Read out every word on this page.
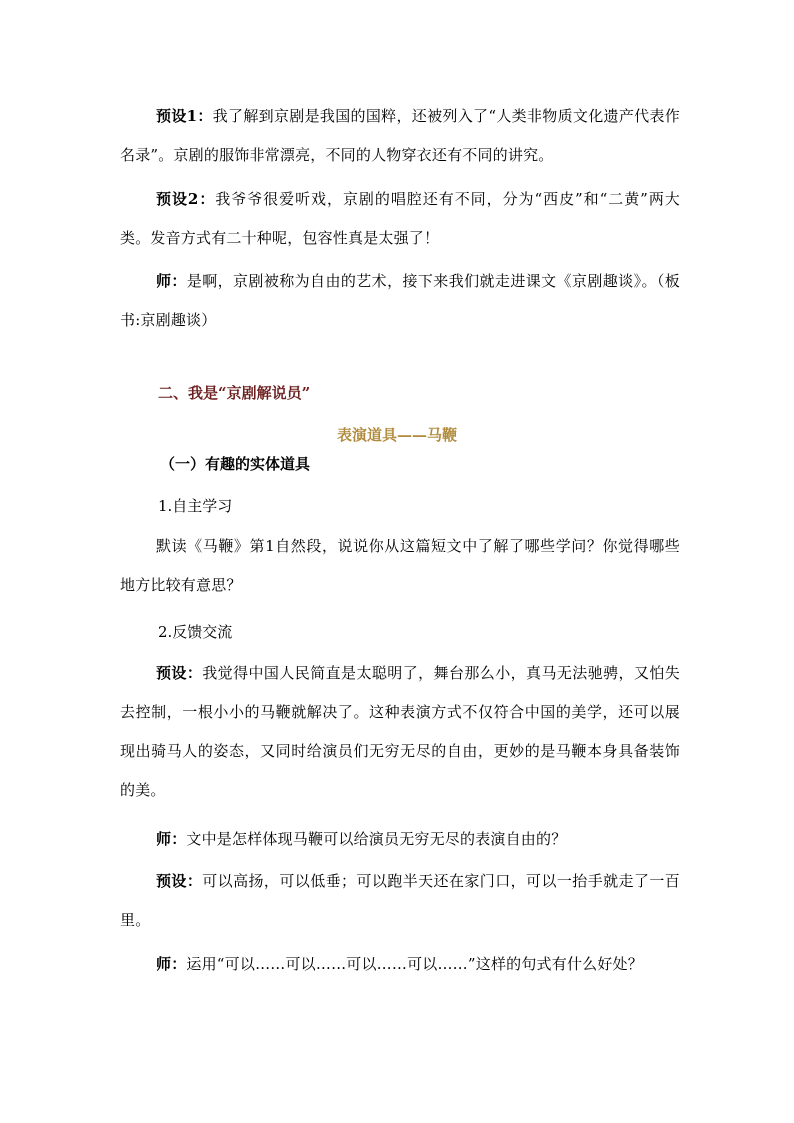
预设1：我了解到京剧是我国的国粹，还被列入了“人类非物质文化遗产代表作名录”。京剧的服饰非常漂亮，不同的人物穿衣还有不同的讲究。

预设2：我爷爷很爱听戏，京剧的唱腔还有不同，分为“西皮”和“二黄”两大类。发音方式有二十种呢，包容性真是太强了！

师：是啊，京剧被称为自由的艺术，接下来我们就走进课文《京剧趣谈》。（板书:京剧趣谈）

二、我是“京剧解说员”

表演道具——马鞭

（一）有趣的实体道具

1.自主学习

默读《马鞭》第1自然段，说说你从这篇短文中了解了哪些学问？你觉得哪些地方比较有意思？

2.反馈交流

预设：我觉得中国人民简直是太聪明了，舞台那么小，真马无法驰骋，又怕失去控制，一根小小的马鞭就解决了。这种表演方式不仅符合中国的美学，还可以展现出骑马人的姿态，又同时给演员们无穷无尽的自由，更妙的是马鞭本身具备装饰的美。

师：文中是怎样体现马鞭可以给演员无穷无尽的表演自由的？

预设：可以高扬，可以低垂；可以跑半天还在家门口，可以一抬手就走了一百里。

师：运用“可以……可以……可以……可以……”这样的句式有什么好处？
